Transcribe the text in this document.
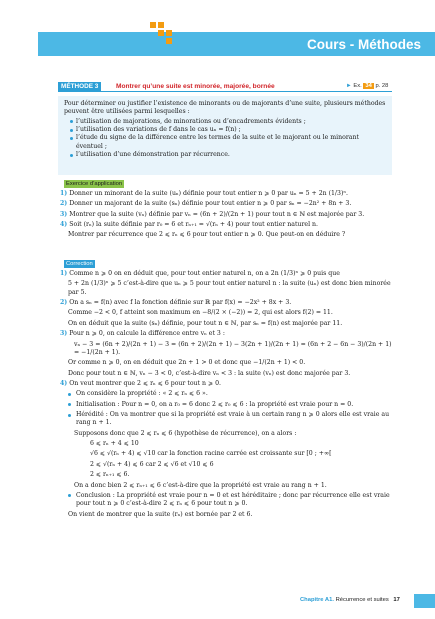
Cours - Méthodes
MÉTHODE 3	Montrer qu’une suite est minorée, majorée, bornée	► Ex. 34 p. 28

Pour déterminer ou justifier l’existence de minorants ou de majorants d’une suite, plusieurs méthodes peuvent être utilisées parmi lesquelles :

l’utilisation de majorations, de minorations ou d’encadrements évidents ;
l’utilisation des variations de f dans le cas uₙ = f(n) ;
l’étude du signe de la différence entre les termes de la suite et le majorant ou le minorant éventuel ;
l’utilisation d’une démonstration par récurrence.
Exercice d’application
1) Donner un minorant de la suite (uₙ) définie pour tout entier n ⩾ 0 par uₙ = 5 + 2n (1/3)ⁿ.
2) Donner un majorant de la suite (sₙ) définie pour tout entier n ⩾ 0 par sₙ = −2n² + 8n + 3.
3) Montrer que la suite (vₙ) définie par vₙ = (6n + 2)/(2n + 1) pour tout n ∈ ℕ est majorée par 3.
4) Soit (rₙ) la suite définie par r₀ = 6 et rₙ₊₁ = √(rₙ + 4) pour tout entier naturel n.
Montrer par récurrence que 2 ⩽ rₙ ⩽ 6 pour tout entier n ⩾ 0. Que peut-on en déduire ?
Correction
1) Comme n ⩾ 0 on en déduit que, pour tout entier naturel n, on a 2n (1/3)ⁿ ⩾ 0 puis que
5 + 2n (1/3)ⁿ ⩾ 5 c’est-à-dire que uₙ ⩾ 5 pour tout entier naturel n : la suite (uₙ) est donc bien minorée par 5.
2) On a sₙ = f(n) avec f la fonction définie sur ℝ par f(x) = −2x² + 8x + 3.
Comme −2 < 0, f atteint son maximum en −8/(2 × (−2)) = 2, qui est alors f(2) = 11.
On en déduit que la suite (sₙ) définie, pour tout n ∈ ℕ, par sₙ = f(n) est majorée par 11.
3) Pour n ⩾ 0, on calcule la différence entre vₙ et 3 :
vₙ − 3 = (6n + 2)/(2n + 1) − 3 = (6n + 2)/(2n + 1) − 3(2n + 1)/(2n + 1) = (6n + 2 − 6n − 3)/(2n + 1) = −1/(2n + 1).
Or comme n ⩾ 0, on en déduit que 2n + 1 > 0 et donc que −1/(2n + 1) < 0.
Donc pour tout n ∈ ℕ, vₙ − 3 < 0, c’est-à-dire vₙ < 3 : la suite (vₙ) est donc majorée par 3.
4) On veut montrer que 2 ⩽ rₙ ⩽ 6 pour tout n ⩾ 0.
On considère la propriété : « 2 ⩽ rₙ ⩽ 6 ».
Initialisation : Pour n = 0, on a r₀ = 6 donc 2 ⩽ r₀ ⩽ 6 : la propriété est vraie pour n = 0.
Hérédité : On va montrer que si la propriété est vraie à un certain rang n ⩾ 0 alors elle est vraie au rang n + 1.
Supposons donc que 2 ⩽ rₙ ⩽ 6 (hypothèse de récurrence), on a alors :
6 ⩽ rₙ + 4 ⩽ 10
√6 ⩽ √(rₙ + 4) ⩽ √10 car la fonction racine carrée est croissante sur [0 ; +∞[
2 ⩽ √(rₙ + 4) ⩽ 6 car 2 ⩽ √6 et √10 ⩽ 6
2 ⩽ rₙ₊₁ ⩽ 6.
On a donc bien 2 ⩽ rₙ₊₁ ⩽ 6 c’est-à-dire que la propriété est vraie au rang n + 1.
Conclusion : La propriété est vraie pour n = 0 et est héréditaire ; donc par récurrence elle est vraie pour tout n ⩾ 0 c’est-à-dire 2 ⩽ rₙ ⩽ 6 pour tout n ⩾ 0.
On vient de montrer que la suite (rₙ) est bornée par 2 et 6.
Chapitre A1. Récurrence et suites 17
